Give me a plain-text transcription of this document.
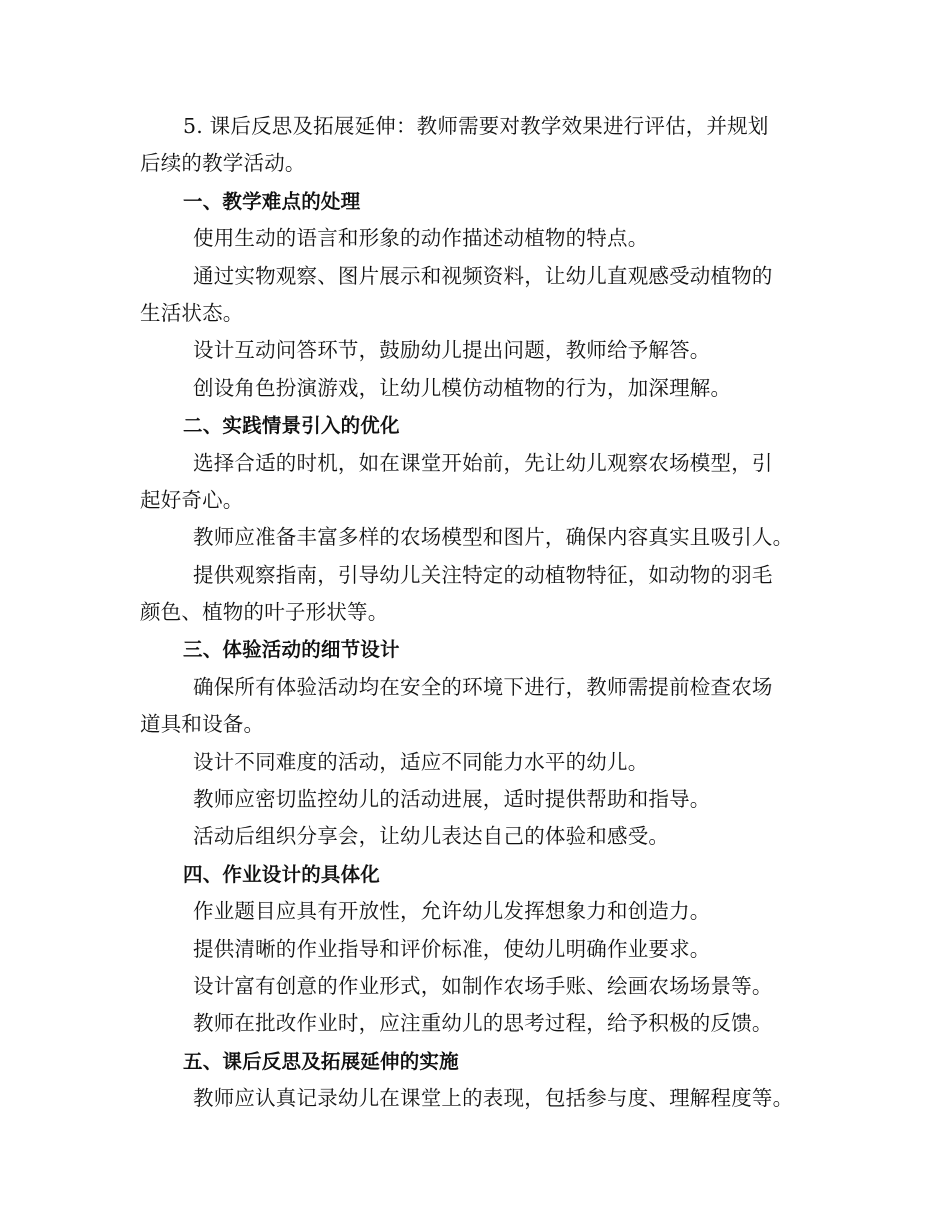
5. 课后反思及拓展延伸：教师需要对教学效果进行评估，并规划
后续的教学活动。
一、教学难点的处理
使用生动的语言和形象的动作描述动植物的特点。
通过实物观察、图片展示和视频资料，让幼儿直观感受动植物的
生活状态。
设计互动问答环节，鼓励幼儿提出问题，教师给予解答。
创设角色扮演游戏，让幼儿模仿动植物的行为，加深理解。
二、实践情景引入的优化
选择合适的时机，如在课堂开始前，先让幼儿观察农场模型，引
起好奇心。
教师应准备丰富多样的农场模型和图片，确保内容真实且吸引人。
提供观察指南，引导幼儿关注特定的动植物特征，如动物的羽毛
颜色、植物的叶子形状等。
三、体验活动的细节设计
确保所有体验活动均在安全的环境下进行，教师需提前检查农场
道具和设备。
设计不同难度的活动，适应不同能力水平的幼儿。
教师应密切监控幼儿的活动进展，适时提供帮助和指导。
活动后组织分享会，让幼儿表达自己的体验和感受。
四、作业设计的具体化
作业题目应具有开放性，允许幼儿发挥想象力和创造力。
提供清晰的作业指导和评价标准，使幼儿明确作业要求。
设计富有创意的作业形式，如制作农场手账、绘画农场场景等。
教师在批改作业时，应注重幼儿的思考过程，给予积极的反馈。
五、课后反思及拓展延伸的实施
教师应认真记录幼儿在课堂上的表现，包括参与度、理解程度等。
